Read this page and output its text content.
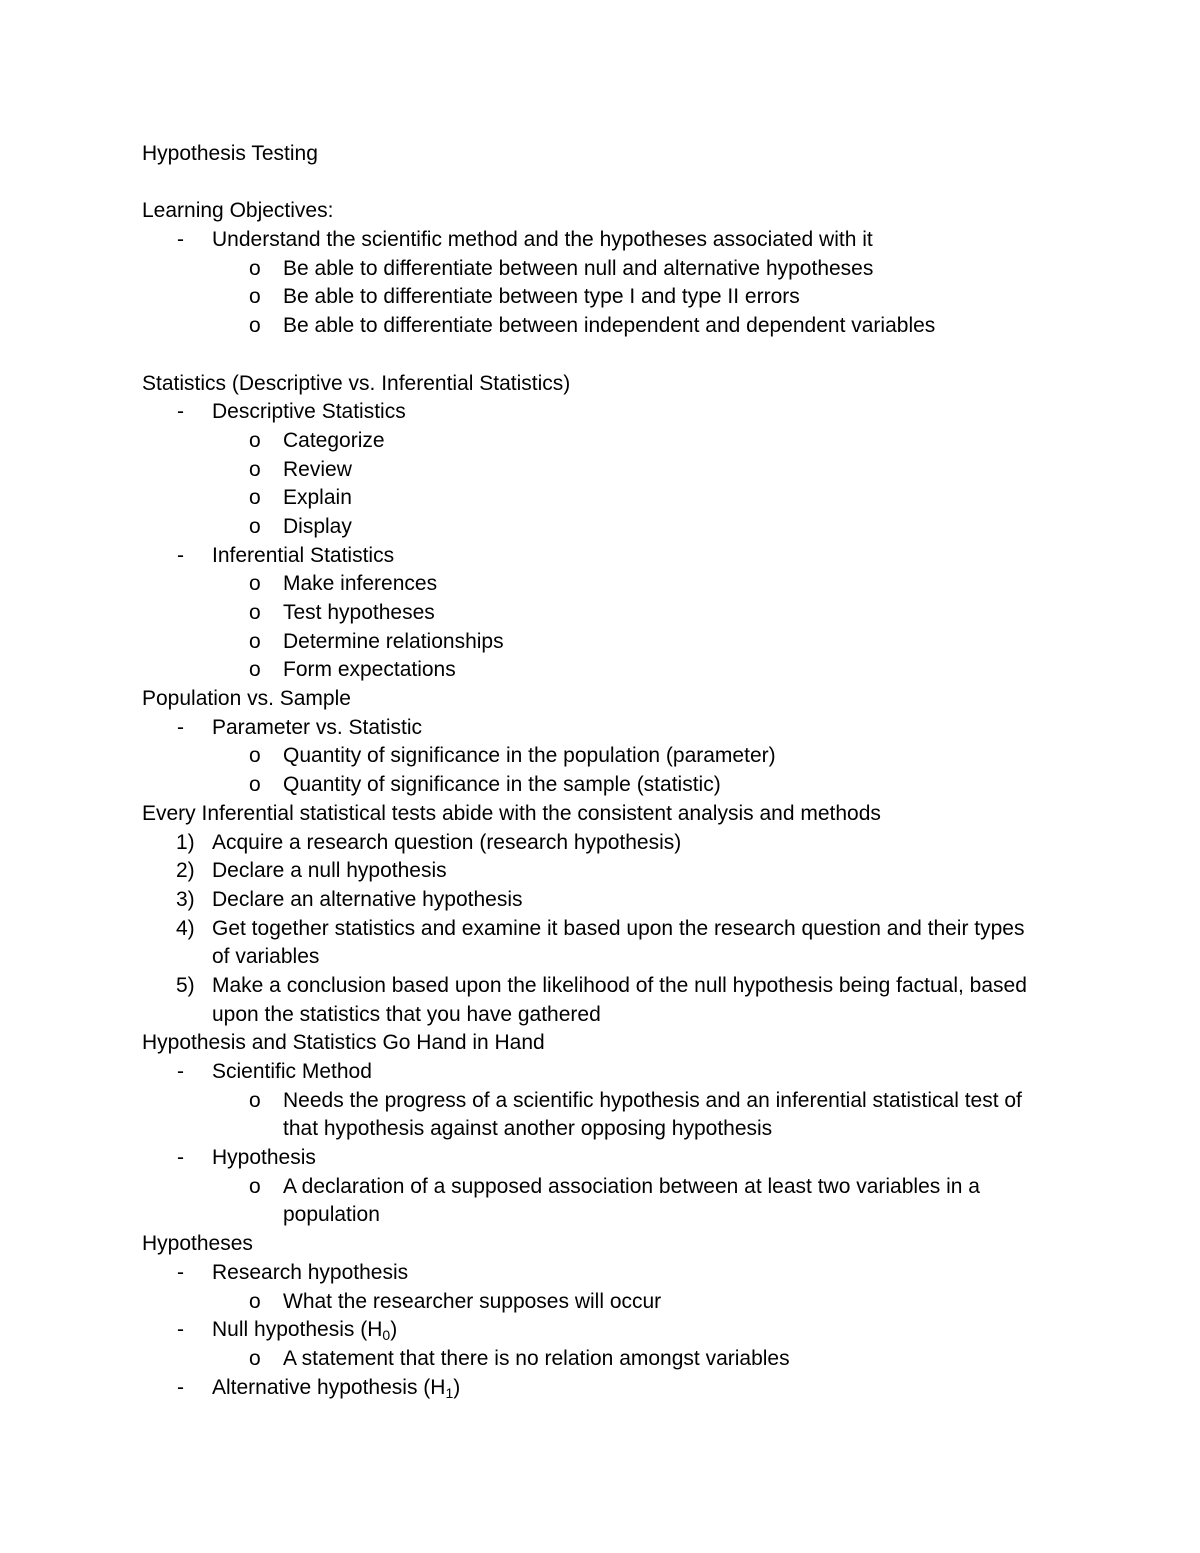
Hypothesis Testing
Learning Objectives:
- Understand the scientific method and the hypotheses associated with it
o Be able to differentiate between null and alternative hypotheses
o Be able to differentiate between type I and type II errors
o Be able to differentiate between independent and dependent variables
Statistics (Descriptive vs. Inferential Statistics)
- Descriptive Statistics
o Categorize
o Review
o Explain
o Display
- Inferential Statistics
o Make inferences
o Test hypotheses
o Determine relationships
o Form expectations
Population vs. Sample
- Parameter vs. Statistic
o Quantity of significance in the population (parameter)
o Quantity of significance in the sample (statistic)
Every Inferential statistical tests abide with the consistent analysis and methods
1) Acquire a research question (research hypothesis)
2) Declare a null hypothesis
3) Declare an alternative hypothesis
4) Get together statistics and examine it based upon the research question and their types
of variables
5) Make a conclusion based upon the likelihood of the null hypothesis being factual, based
upon the statistics that you have gathered
Hypothesis and Statistics Go Hand in Hand
- Scientific Method
o Needs the progress of a scientific hypothesis and an inferential statistical test of
that hypothesis against another opposing hypothesis
- Hypothesis
o A declaration of a supposed association between at least two variables in a
population
Hypotheses
- Research hypothesis
o What the researcher supposes will occur
- Null hypothesis $(H_0)$
o A statement that there is no relation amongst variables
- Alternative hypothesis $(H_1)$
